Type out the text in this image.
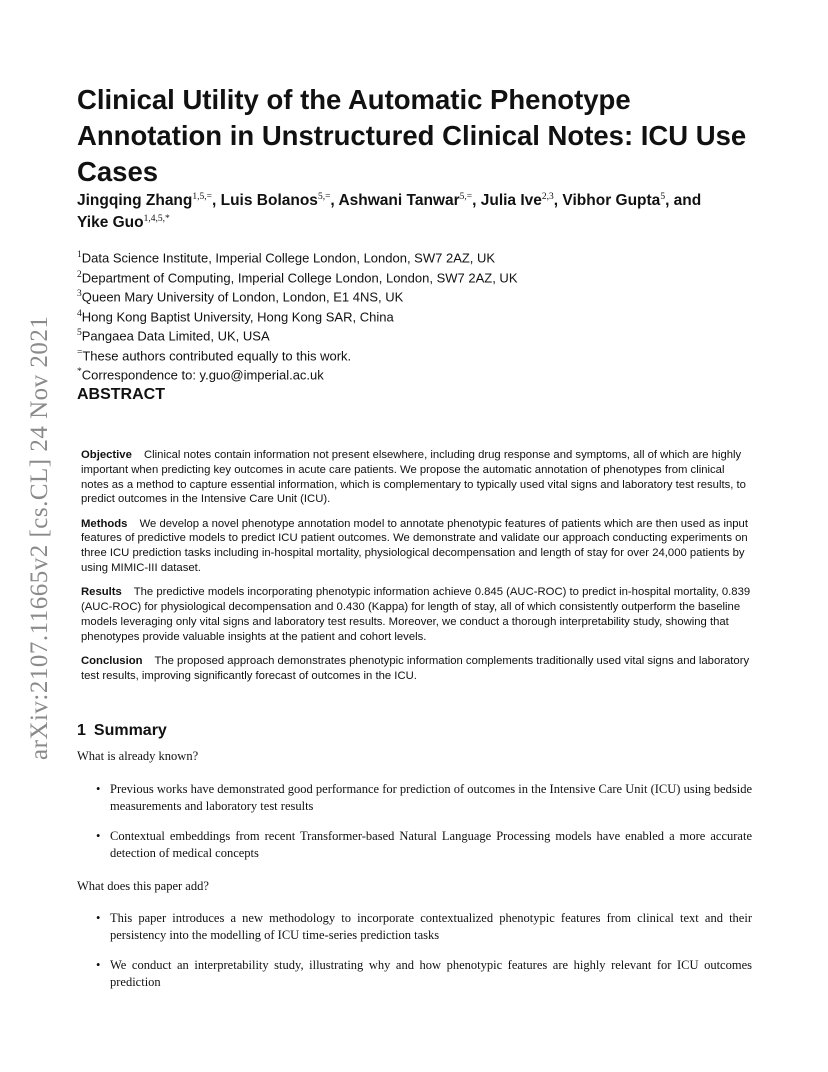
arXiv:2107.11665v2 [cs.CL] 24 Nov 2021
Clinical Utility of the Automatic Phenotype Annotation in Unstructured Clinical Notes: ICU Use Cases
Jingqing Zhang$^{1,5,=}$, Luis Bolanos$^{5,=}$, Ashwani Tanwar$^{5,=}$, Julia Ive$^{2,3}$, Vibhor Gupta$^5$, and
Yike Guo$^{1,4,5,*}$
$^1$Data Science Institute, Imperial College London, London, SW7 2AZ, UK
$^2$Department of Computing, Imperial College London, London, SW7 2AZ, UK
$^3$Queen Mary University of London, London, E1 4NS, UK
$^4$Hong Kong Baptist University, Hong Kong SAR, China
$^5$Pangaea Data Limited, UK, USA
=These authors contributed equally to this work.
*Correspondence to: y.guo@imperial.ac.uk
ABSTRACT

Objective Clinical notes contain information not present elsewhere, including drug response and symptoms, all of which are highly important when predicting key outcomes in acute care patients. We propose the automatic annotation of phenotypes from clinical notes as a method to capture essential information, which is complementary to typically used vital signs and laboratory test results, to predict outcomes in the Intensive Care Unit (ICU).

Methods We develop a novel phenotype annotation model to annotate phenotypic features of patients which are then used as input features of predictive models to predict ICU patient outcomes. We demonstrate and validate our approach conducting experiments on three ICU prediction tasks including in-hospital mortality, physiological decompensation and length of stay for over 24,000 patients by using MIMIC-III dataset.

Results The predictive models incorporating phenotypic information achieve 0.845 (AUC-ROC) to predict in-hospital mortality, 0.839 (AUC-ROC) for physiological decompensation and 0.430 (Kappa) for length of stay, all of which consistently outperform the baseline models leveraging only vital signs and laboratory test results. Moreover, we conduct a thorough interpretability study, showing that phenotypes provide valuable insights at the patient and cohort levels.

Conclusion The proposed approach demonstrates phenotypic information complements traditionally used vital signs and laboratory test results, improving significantly forecast of outcomes in the ICU.

1 Summary
What is already known?
• Previous works have demonstrated good performance for prediction of outcomes in the Intensive Care Unit (ICU) using bedside measurements and laboratory test results
• Contextual embeddings from recent Transformer-based Natural Language Processing models have enabled a more accurate detection of medical concepts
What does this paper add?
• This paper introduces a new methodology to incorporate contextualized phenotypic features from clinical text and their persistency into the modelling of ICU time-series prediction tasks
• We conduct an interpretability study, illustrating why and how phenotypic features are highly relevant for ICU outcomes prediction
